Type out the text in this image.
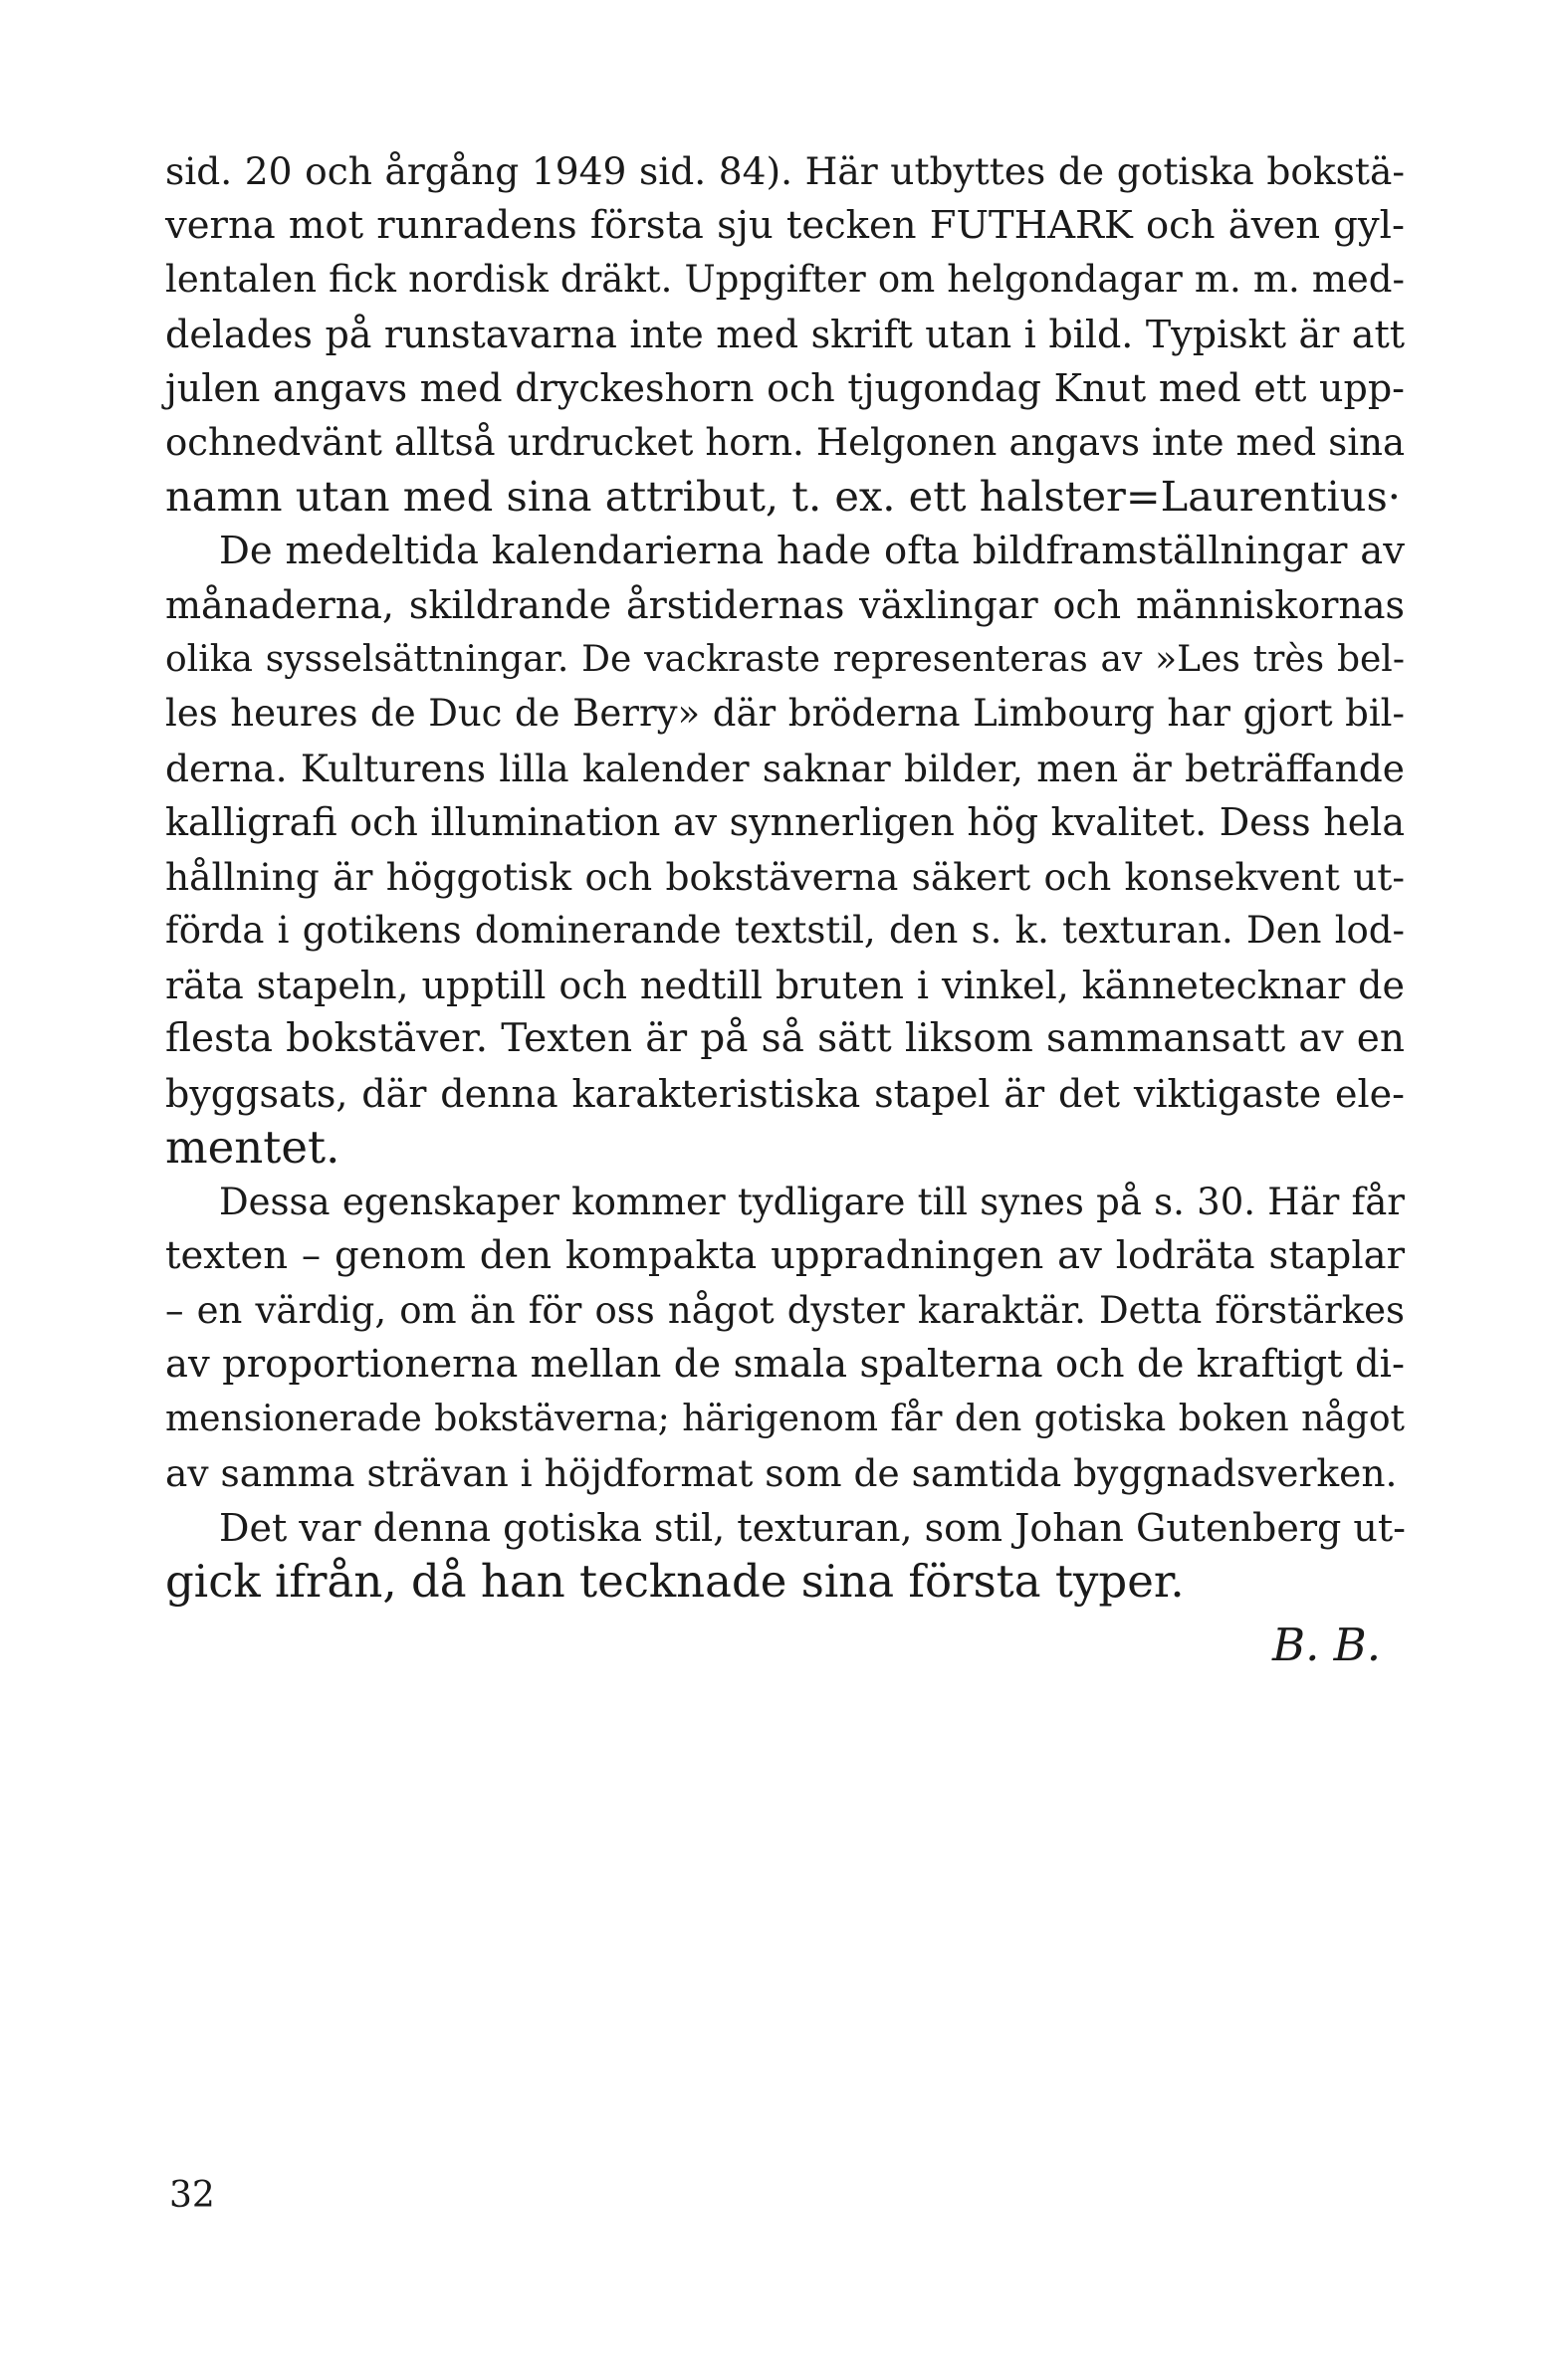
sid. 20 och årgång 1949 sid. 84). Här utbyttes de gotiska bokstä-
verna mot runradens första sju tecken FUTHARK och även gyl-
lentalen fick nordisk dräkt. Uppgifter om helgondagar m. m. med-
delades på runstavarna inte med skrift utan i bild. Typiskt är att
julen angavs med dryckeshorn och tjugondag Knut med ett upp-
ochnedvänt alltså urdrucket horn. Helgonen angavs inte med sina
namn utan med sina attribut, t. ex. ett halster=Laurentius·
De medeltida kalendarierna hade ofta bildframställningar av
månaderna, skildrande årstidernas växlingar och människornas
olika sysselsättningar. De vackraste representeras av »Les très bel-
les heures de Duc de Berry» där bröderna Limbourg har gjort bil-
derna. Kulturens lilla kalender saknar bilder, men är beträffande
kalligrafi och illumination av synnerligen hög kvalitet. Dess hela
hållning är höggotisk och bokstäverna säkert och konsekvent ut-
förda i gotikens dominerande textstil, den s. k. texturan. Den lod-
räta stapeln, upptill och nedtill bruten i vinkel, kännetecknar de
flesta bokstäver. Texten är på så sätt liksom sammansatt av en
byggsats, där denna karakteristiska stapel är det viktigaste ele-
mentet.
Dessa egenskaper kommer tydligare till synes på s. 30. Här får
texten – genom den kompakta uppradningen av lodräta staplar
– en värdig, om än för oss något dyster karaktär. Detta förstärkes
av proportionerna mellan de smala spalterna och de kraftigt di-
mensionerade bokstäverna; härigenom får den gotiska boken något
av samma strävan i höjdformat som de samtida byggnadsverken.
Det var denna gotiska stil, texturan, som Johan Gutenberg ut-
gick ifrån, då han tecknade sina första typer.
B. B.
32
